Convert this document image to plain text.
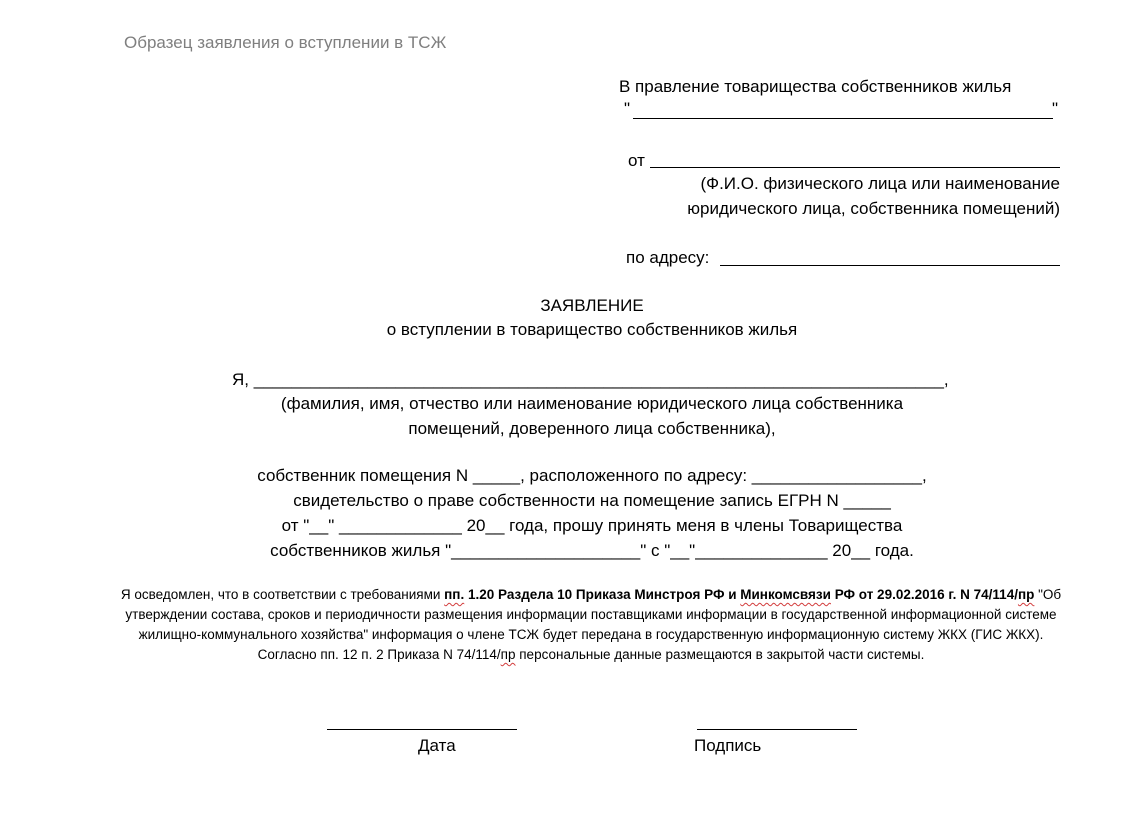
Образец заявления о вступлении в ТСЖ
В правление товарищества собственников жилья
"	"
от
(Ф.И.О. физического лица или наименование
юридического лица, собственника помещений)
по адресу:
ЗАЯВЛЕНИЕ
о вступлении в товарищество собственников жилья
Я, _________________________________________________________________________,
(фамилия, имя, отчество или наименование юридического лица собственника
помещений, доверенного лица собственника),
собственник помещения N _____, расположенного по адресу: __________________,
свидетельство о праве собственности на помещение запись ЕГРН N _____
от "__" _____________ 20__ года, прошу принять меня в члены Товарищества
собственников жилья "____________________" с "__"______________ 20__ года.
Я осведомлен, что в соответствии с требованиями пп. 1.20 Раздела 10 Приказа Минстроя РФ и Минкомсвязи РФ от 29.02.2016 г. N 74/114/пр "Об утверждении состава, сроков и периодичности размещения информации поставщиками информации в государственной информационной системе жилищно-коммунального хозяйства" информация о члене ТСЖ будет передана в государственную информационную систему ЖКХ (ГИС ЖКХ). Согласно пп. 12 п. 2 Приказа N 74/114/пр персональные данные размещаются в закрытой части системы.
Дата	Подпись
